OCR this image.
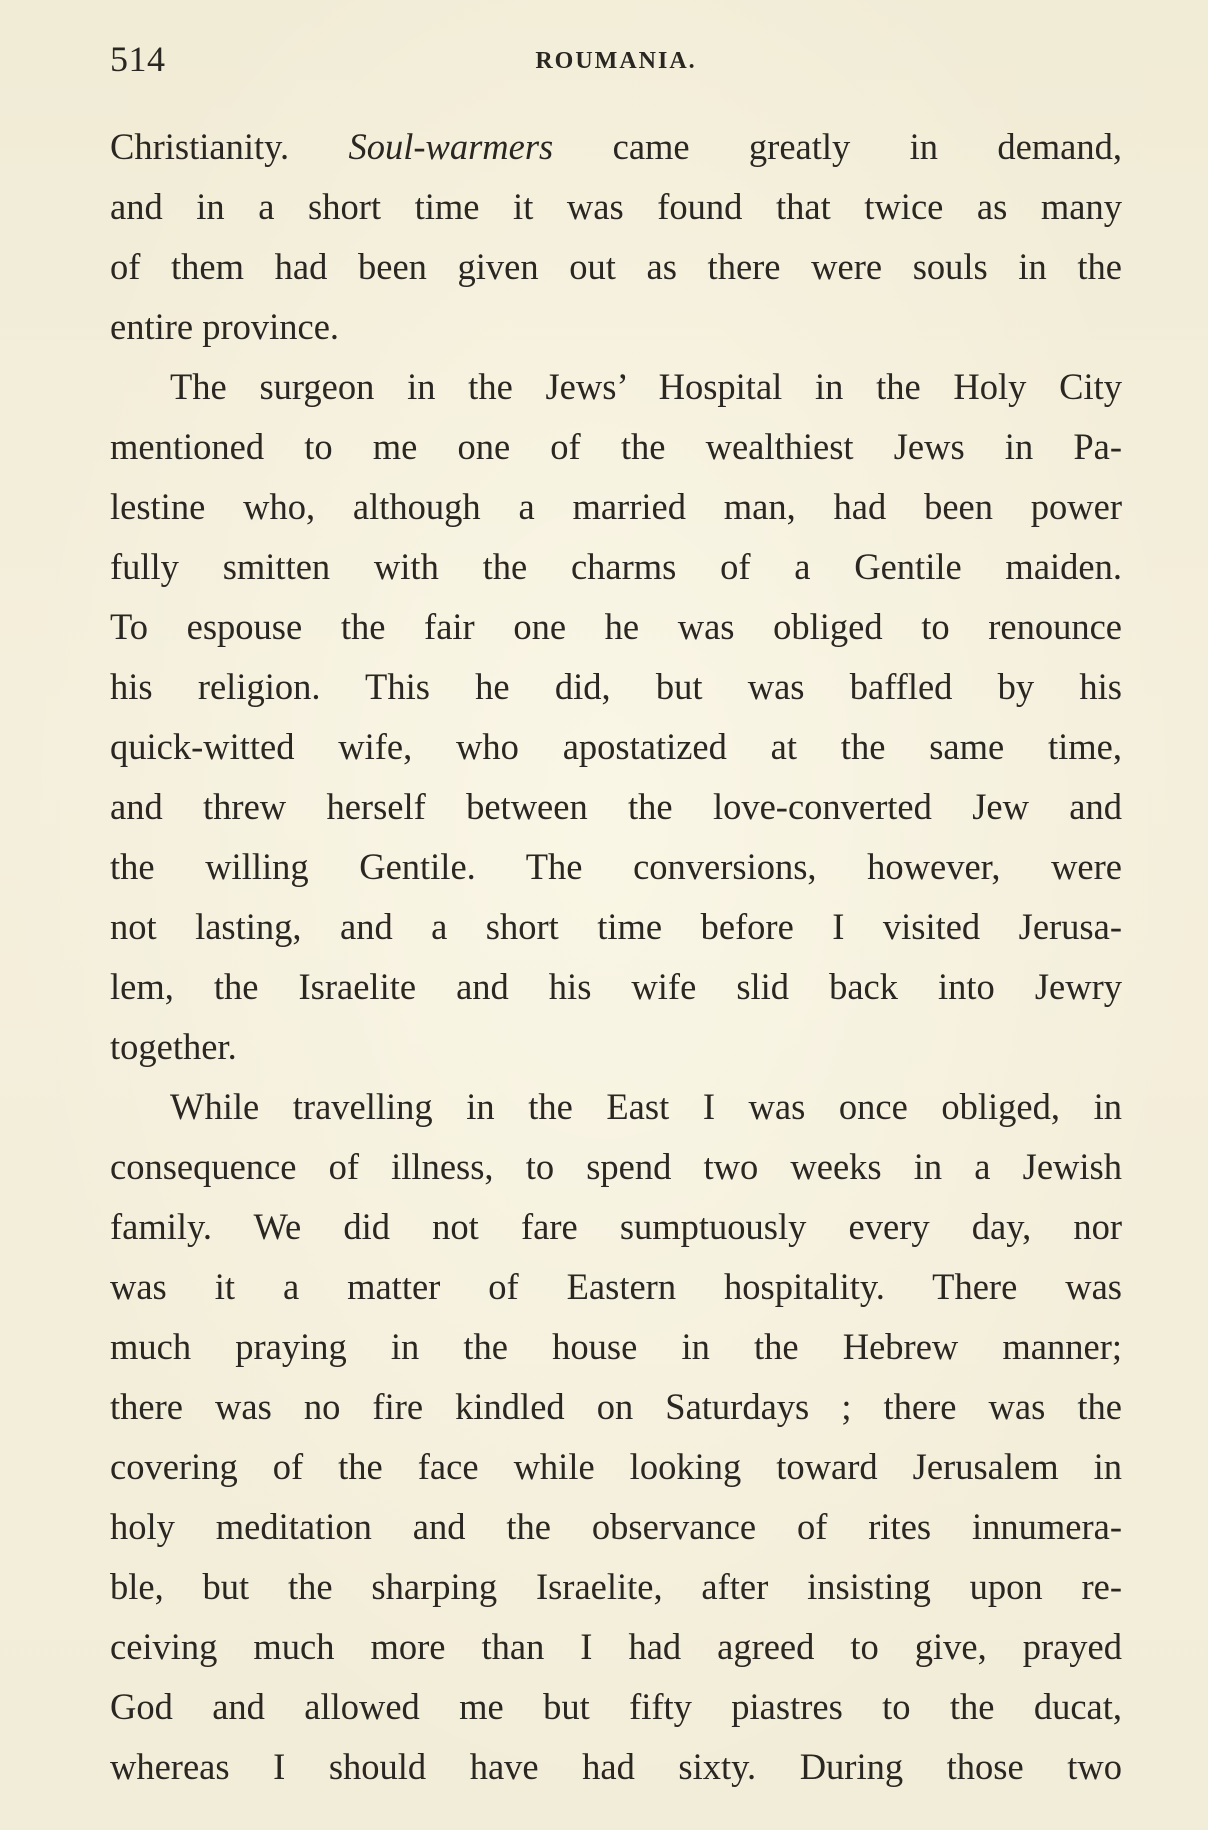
514	ROUMANIA.
Christianity. Soul-warmers came greatly in demand,
and in a short time it was found that twice as many
of them had been given out as there were souls in the
entire province.
The surgeon in the Jews’ Hospital in the Holy City
mentioned to me one of the wealthiest Jews in Pa-
lestine who, although a married man, had been power
fully smitten with the charms of a Gentile maiden.
To espouse the fair one he was obliged to renounce
his religion. This he did, but was baffled by his
quick-witted wife, who apostatized at the same time,
and threw herself between the love-converted Jew and
the willing Gentile. The conversions, however, were
not lasting, and a short time before I visited Jerusa-
lem, the Israelite and his wife slid back into Jewry
together.
While travelling in the East I was once obliged, in
consequence of illness, to spend two weeks in a Jewish
family. We did not fare sumptuously every day, nor
was it a matter of Eastern hospitality. There was
much praying in the house in the Hebrew manner;
there was no fire kindled on Saturdays ; there was the
covering of the face while looking toward Jerusalem in
holy meditation and the observance of rites innumera-
ble, but the sharping Israelite, after insisting upon re-
ceiving much more than I had agreed to give, prayed
God and allowed me but fifty piastres to the ducat,
whereas I should have had sixty. During those two
